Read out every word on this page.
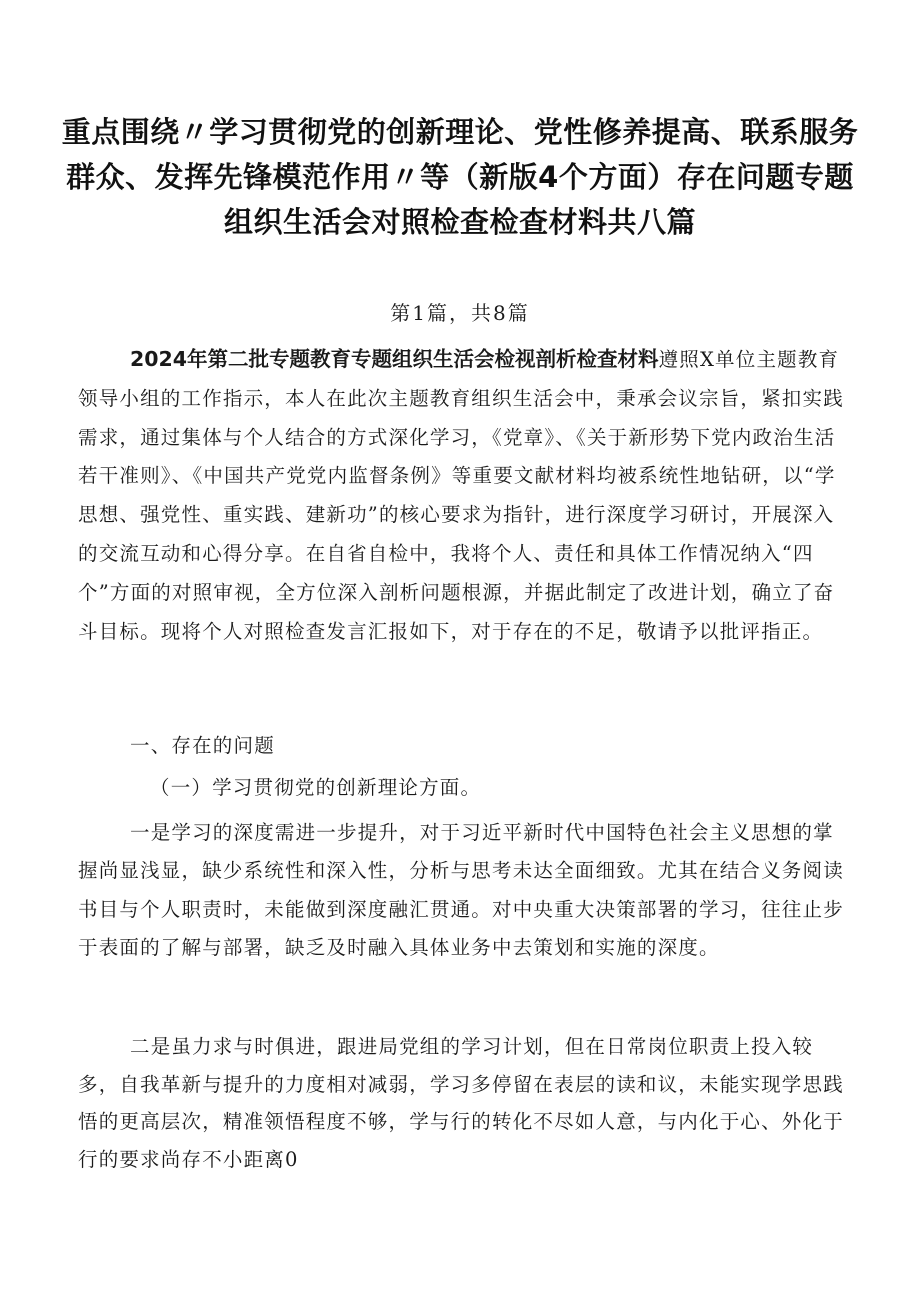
重点围绕〃学习贯彻党的创新理论、党性修养提高、联系服务群众、发挥先锋模范作用〃等（新版4个方面）存在问题专题组织生活会对照检查检查材料共八篇
第1篇，共8篇

2024年第二批专题教育专题组织生活会检视剖析检查材料遵照X单位主题教育领导小组的工作指示，本人在此次主题教育组织生活会中，秉承会议宗旨，紧扣实践需求，通过集体与个人结合的方式深化学习，《党章》、《关于新形势下党内政治生活若干准则》、《中国共产党党内监督条例》等重要文献材料均被系统性地钻研，以“学思想、强党性、重实践、建新功”的核心要求为指针，进行深度学习研讨，开展深入的交流互动和心得分享。在自省自检中，我将个人、责任和具体工作情况纳入“四个”方面的对照审视，全方位深入剖析问题根源，并据此制定了改进计划，确立了奋斗目标。现将个人对照检查发言汇报如下，对于存在的不足，敬请予以批评指正。

一、存在的问题
（一）学习贯彻党的创新理论方面。

一是学习的深度需进一步提升，对于习近平新时代中国特色社会主义思想的掌握尚显浅显，缺少系统性和深入性，分析与思考未达全面细致。尤其在结合义务阅读书目与个人职责时，未能做到深度融汇贯通。对中央重大决策部署的学习，往往止步于表面的了解与部署，缺乏及时融入具体业务中去策划和实施的深度。

二是虽力求与时俱进，跟进局党组的学习计划，但在日常岗位职责上投入较多，自我革新与提升的力度相对减弱，学习多停留在表层的读和议，未能实现学思践悟的更高层次，精准领悟程度不够，学与行的转化不尽如人意，与内化于心、外化于行的要求尚存不小距离0
